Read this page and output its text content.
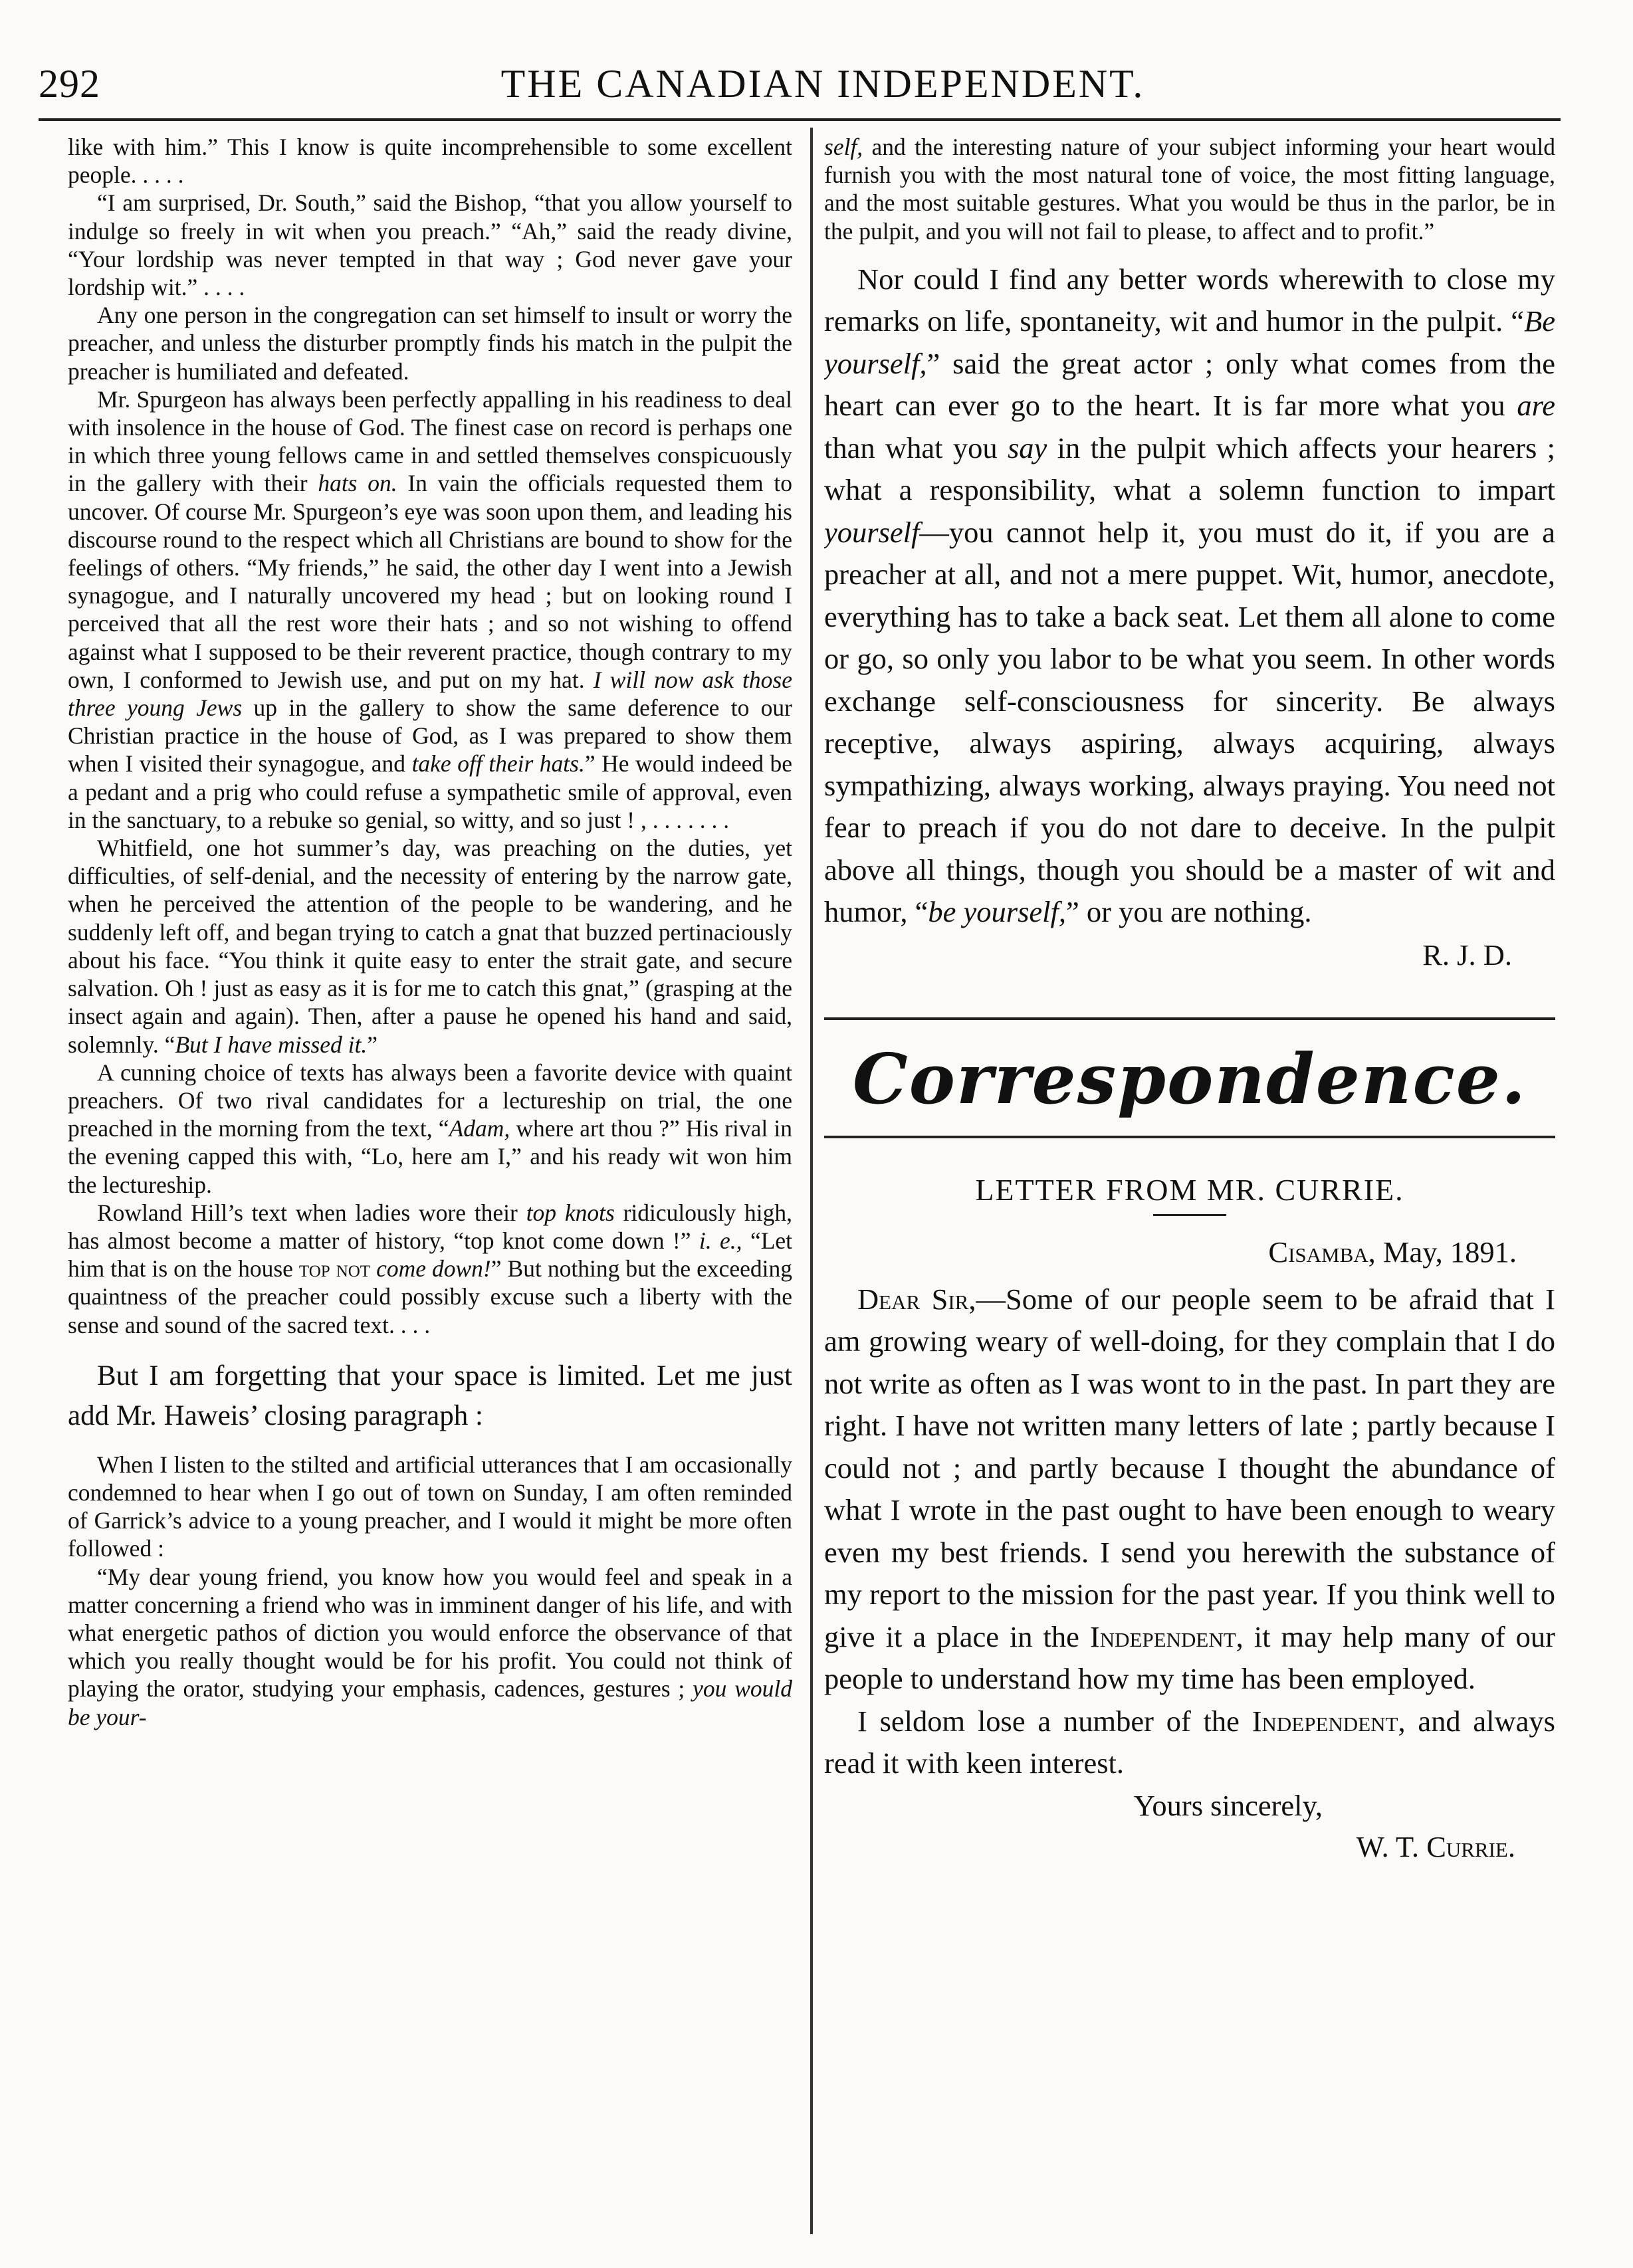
292	THE CANADIAN INDEPENDENT.

like with him.” This I know is quite incomprehensible to some excellent people. . . . .

“I am surprised, Dr. South,” said the Bishop, “that you allow yourself to indulge so freely in wit when you preach.” “Ah,” said the ready divine, “Your lordship was never tempted in that way ; God never gave your lordship wit.” . . . .

Any one person in the congregation can set himself to insult or worry the preacher, and unless the disturber promptly finds his match in the pulpit the preacher is humiliated and defeated.

Mr. Spurgeon has always been perfectly appalling in his readiness to deal with insolence in the house of God. The finest case on record is perhaps one in which three young fellows came in and settled themselves conspicuously in the gallery with their hats on. In vain the officials requested them to uncover. Of course Mr. Spurgeon’s eye was soon upon them, and leading his discourse round to the respect which all Christians are bound to show for the feelings of others. “My friends,” he said, the other day I went into a Jewish synagogue, and I naturally uncovered my head ; but on looking round I perceived that all the rest wore their hats ; and so not wishing to offend against what I supposed to be their reverent practice, though contrary to my own, I conformed to Jewish use, and put on my hat. I will now ask those three young Jews up in the gallery to show the same deference to our Christian practice in the house of God, as I was prepared to show them when I visited their synagogue, and take off their hats.” He would indeed be a pedant and a prig who could refuse a sympathetic smile of approval, even in the sanctuary, to a rebuke so genial, so witty, and so just ! , . . . . . . .

Whitfield, one hot summer’s day, was preaching on the duties, yet difficulties, of self-denial, and the necessity of entering by the narrow gate, when he perceived the attention of the people to be wandering, and he suddenly left off, and began trying to catch a gnat that buzzed pertinaciously about his face. “You think it quite easy to enter the strait gate, and secure salvation. Oh ! just as easy as it is for me to catch this gnat,” (grasping at the insect again and again). Then, after a pause he opened his hand and said, solemnly. “But I have missed it.”

A cunning choice of texts has always been a favorite device with quaint preachers. Of two rival candidates for a lectureship on trial, the one preached in the morning from the text, “Adam, where art thou ?” His rival in the evening capped this with, “Lo, here am I,” and his ready wit won him the lectureship.

Rowland Hill’s text when ladies wore their top knots ridiculously high, has almost become a matter of history, “top knot come down !” i. e., “Let him that is on the house top not come down!” But nothing but the exceeding quaintness of the preacher could possibly excuse such a liberty with the sense and sound of the sacred text. . . .

But I am forgetting that your space is limited. Let me just add Mr. Haweis’ closing paragraph :

When I listen to the stilted and artificial utterances that I am occasionally condemned to hear when I go out of town on Sunday, I am often reminded of Garrick’s advice to a young preacher, and I would it might be more often followed :

“My dear young friend, you know how you would feel and speak in a matter concerning a friend who was in imminent danger of his life, and with what energetic pathos of diction you would enforce the observance of that which you really thought would be for his profit. You could not think of playing the orator, studying your emphasis, cadences, gestures ; you would be your-

self, and the interesting nature of your subject informing your heart would furnish you with the most natural tone of voice, the most fitting language, and the most suitable gestures. What you would be thus in the parlor, be in the pulpit, and you will not fail to please, to affect and to profit.”

Nor could I find any better words wherewith to close my remarks on life, spontaneity, wit and humor in the pulpit. “Be yourself,” said the great actor ; only what comes from the heart can ever go to the heart. It is far more what you are than what you say in the pulpit which affects your hearers ; what a responsibility, what a solemn function to impart yourself—you cannot help it, you must do it, if you are a preacher at all, and not a mere puppet. Wit, humor, anecdote, everything has to take a back seat. Let them all alone to come or go, so only you labor to be what you seem. In other words exchange self-consciousness for sincerity. Be always receptive, always aspiring, always acquiring, always sympathizing, always working, always praying. You need not fear to preach if you do not dare to deceive. In the pulpit above all things, though you should be a master of wit and humor, “be yourself,” or you are nothing.

R. J. D.

Correspondence.
LETTER FROM MR. CURRIE.
Cisamba, May, 1891.

Dear Sir,—Some of our people seem to be afraid that I am growing weary of well-doing, for they complain that I do not write as often as I was wont to in the past. In part they are right. I have not written many letters of late ; partly because I could not ; and partly because I thought the abundance of what I wrote in the past ought to have been enough to weary even my best friends. I send you herewith the substance of my report to the mission for the past year. If you think well to give it a place in the Independent, it may help many of our people to understand how my time has been employed.

I seldom lose a number of the Independent, and always read it with keen interest.

Yours sincerely,
W. T. Currie.
